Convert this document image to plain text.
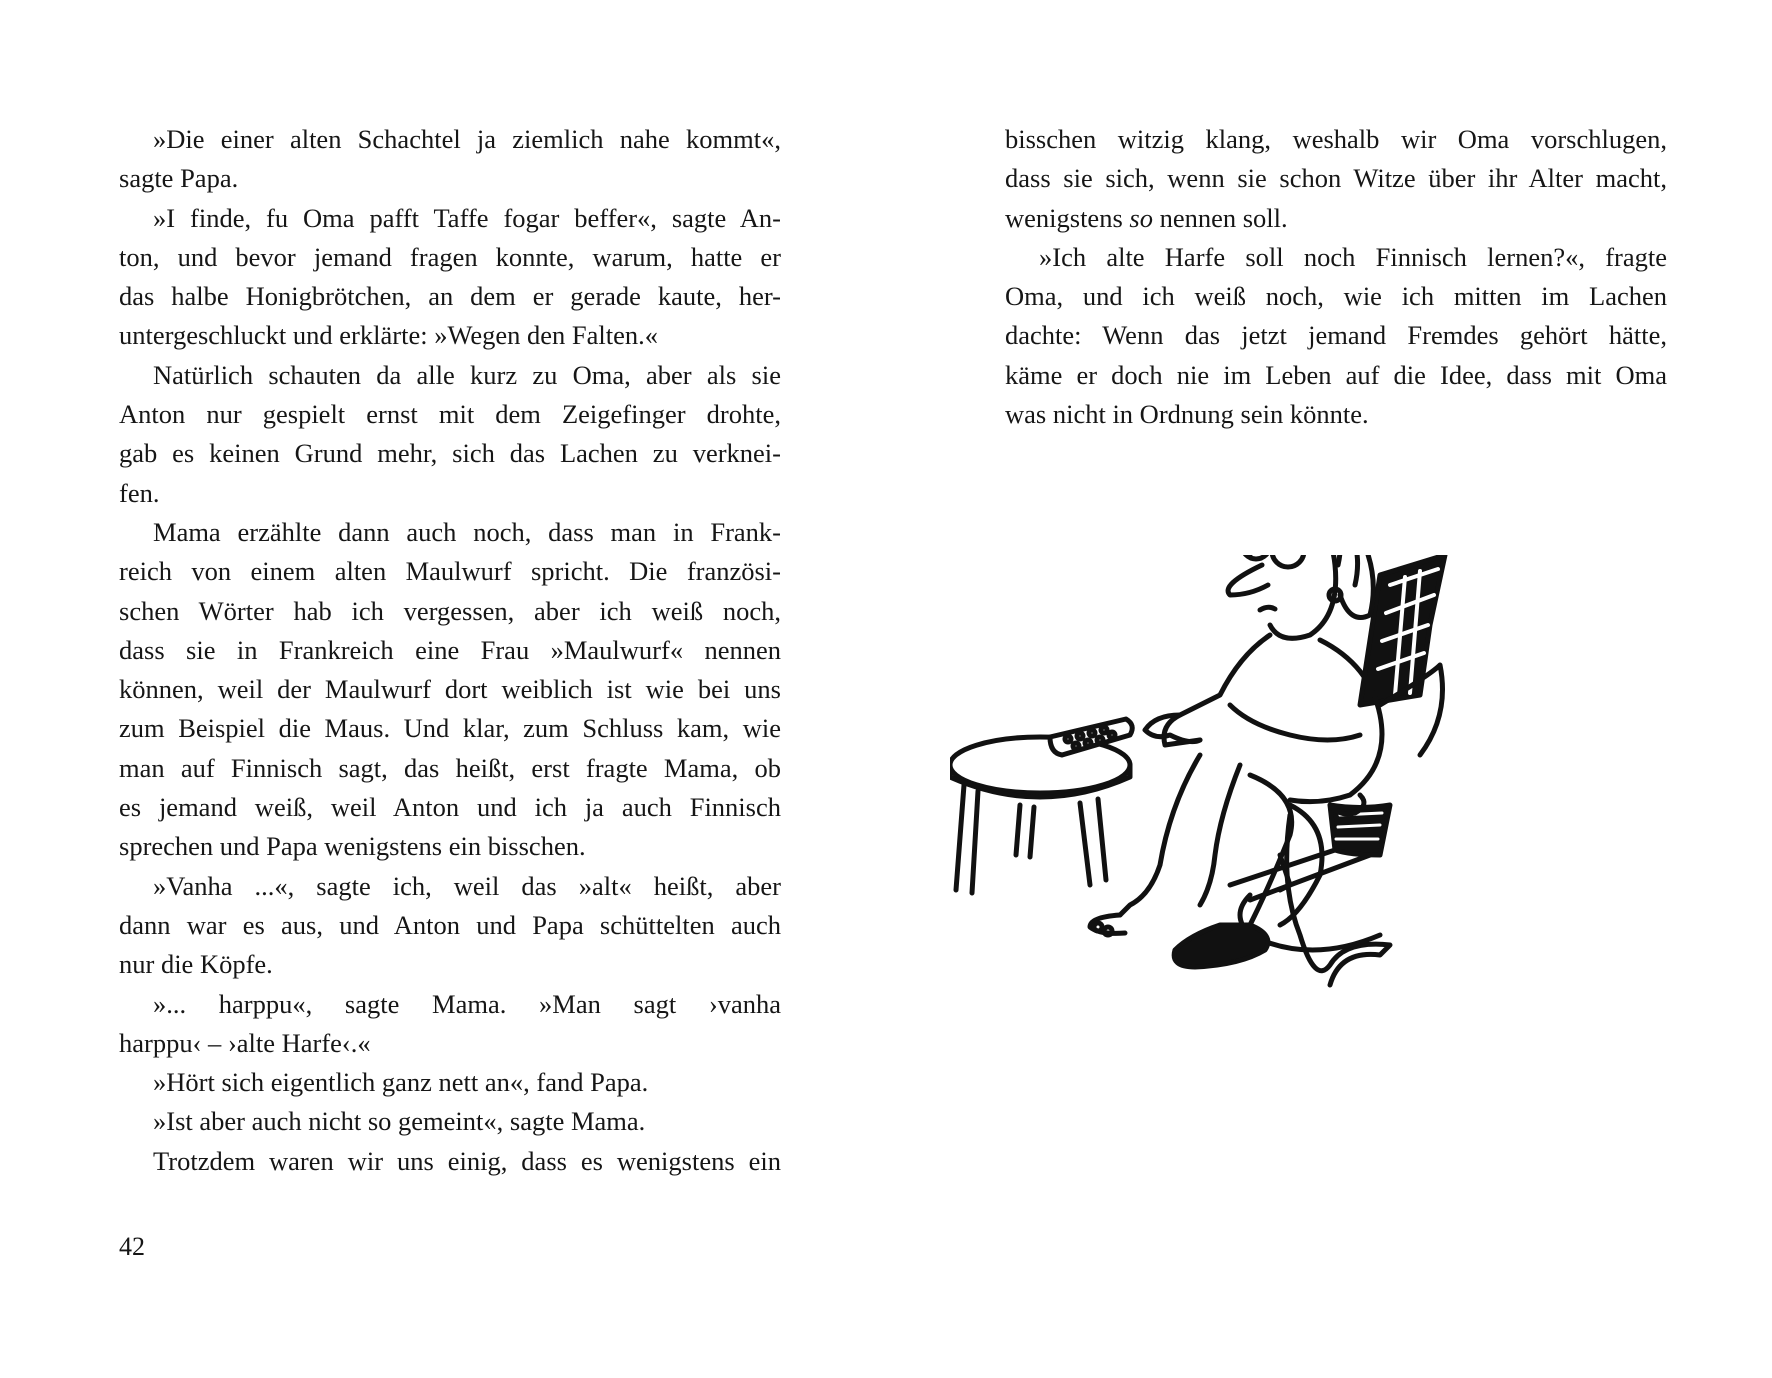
»Die einer alten Schachtel ja ziemlich nahe kommt«,
sagte Papa.
»I finde, fu Oma pafft Taffe fogar beffer«, sagte An-
ton, und bevor jemand fragen konnte, warum, hatte er
das halbe Honigbrötchen, an dem er gerade kaute, her-
untergeschluckt und erklärte: »Wegen den Falten.«
Natürlich schauten da alle kurz zu Oma, aber als sie
Anton nur gespielt ernst mit dem Zeigefinger drohte,
gab es keinen Grund mehr, sich das Lachen zu verknei-
fen.
Mama erzählte dann auch noch, dass man in Frank-
reich von einem alten Maulwurf spricht. Die französi-
schen Wörter hab ich vergessen, aber ich weiß noch,
dass sie in Frankreich eine Frau »Maulwurf« nennen
können, weil der Maulwurf dort weiblich ist wie bei uns
zum Beispiel die Maus. Und klar, zum Schluss kam, wie
man auf Finnisch sagt, das heißt, erst fragte Mama, ob
es jemand weiß, weil Anton und ich ja auch Finnisch
sprechen und Papa wenigstens ein bisschen.
»Vanha ...«, sagte ich, weil das »alt« heißt, aber
dann war es aus, und Anton und Papa schüttelten auch
nur die Köpfe.
»... harppu«, sagte Mama. »Man sagt ›vanha
harppu‹ – ›alte Harfe‹.«
»Hört sich eigentlich ganz nett an«, fand Papa.
»Ist aber auch nicht so gemeint«, sagte Mama.
Trotzdem waren wir uns einig, dass es wenigstens ein
42
bisschen witzig klang, weshalb wir Oma vorschlugen,
dass sie sich, wenn sie schon Witze über ihr Alter macht,
wenigstens so nennen soll.
»Ich alte Harfe soll noch Finnisch lernen?«, fragte
Oma, und ich weiß noch, wie ich mitten im Lachen
dachte: Wenn das jetzt jemand Fremdes gehört hätte,
käme er doch nie im Leben auf die Idee, dass mit Oma
was nicht in Ordnung sein könnte.
